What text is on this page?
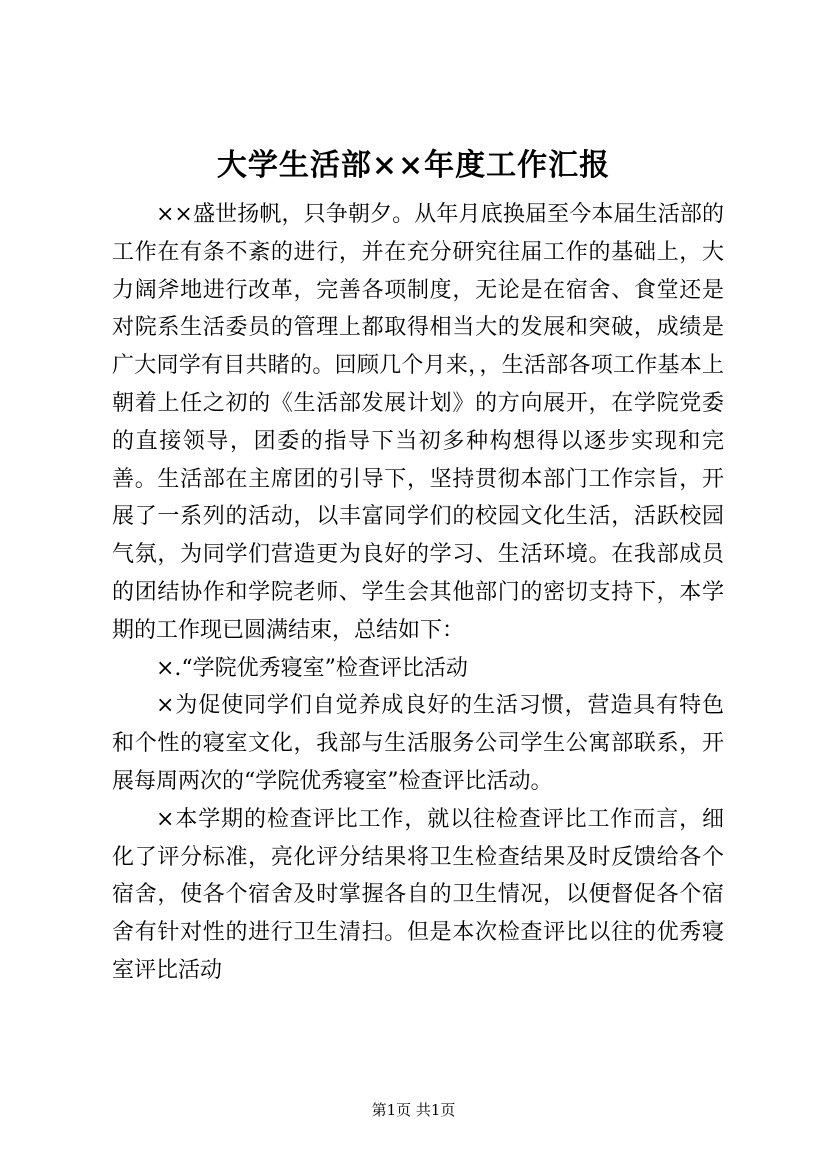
大学生活部××年度工作汇报

××盛世扬帆，只争朝夕。从年月底换届至今本届生活部的工作在有条不紊的进行，并在充分研究往届工作的基础上，大力阔斧地进行改革，完善各项制度，无论是在宿舍、食堂还是对院系生活委员的管理上都取得相当大的发展和突破，成绩是广大同学有目共睹的。回顾几个月来，，生活部各项工作基本上朝着上任之初的《生活部发展计划》的方向展开，在学院党委的直接领导，团委的指导下当初多种构想得以逐步实现和完善。生活部在主席团的引导下，坚持贯彻本部门工作宗旨，开展了一系列的活动，以丰富同学们的校园文化生活，活跃校园气氛，为同学们营造更为良好的学习、生活环境。在我部成员的团结协作和学院老师、学生会其他部门的密切支持下，本学期的工作现已圆满结束，总结如下：

×.“学院优秀寝室”检查评比活动

×为促使同学们自觉养成良好的生活习惯，营造具有特色和个性的寝室文化，我部与生活服务公司学生公寓部联系，开展每周两次的“学院优秀寝室”检查评比活动。

×本学期的检查评比工作，就以往检查评比工作而言，细化了评分标准，亮化评分结果将卫生检查结果及时反馈给各个宿舍，使各个宿舍及时掌握各自的卫生情况，以便督促各个宿舍有针对性的进行卫生清扫。但是本次检查评比以往的优秀寝室评比活动

第1页 共1页
